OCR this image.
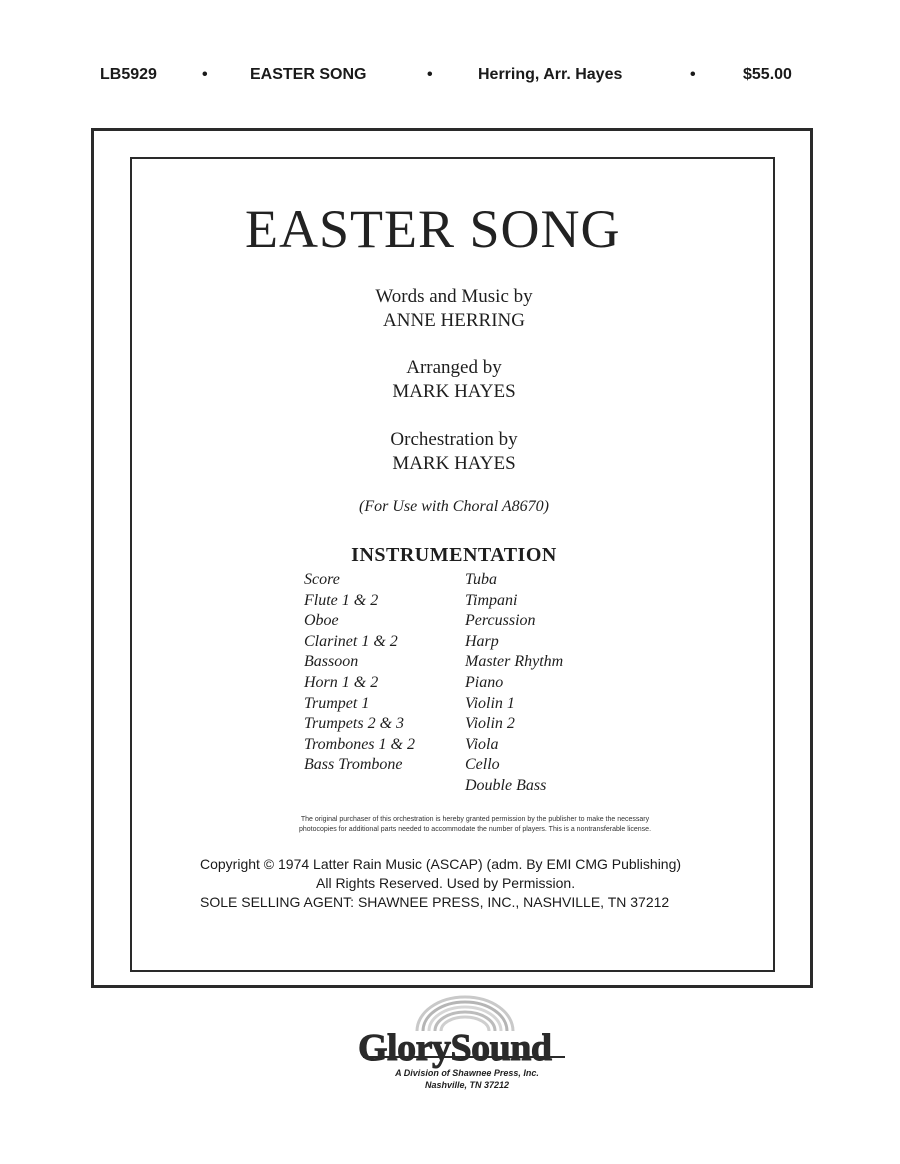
LB5929	•	EASTER SONG	•	Herring, Arr. Hayes	•	$55.00
EASTER SONG
Words and Music by
ANNE HERRING
Arranged by
MARK HAYES
Orchestration by
MARK HAYES
(For Use with Choral A8670)
INSTRUMENTATION
Score
Flute 1 & 2
Oboe
Clarinet 1 & 2
Bassoon
Horn 1 & 2
Trumpet 1
Trumpets 2 & 3
Trombones 1 & 2
Bass Trombone
Tuba
Timpani
Percussion
Harp
Master Rhythm
Piano
Violin 1
Violin 2
Viola
Cello
Double Bass
The original purchaser of this orchestration is hereby granted permission by the publisher to make the necessary
photocopies for additional parts needed to accommodate the number of players. This is a nontransferable license.
Copyright © 1974 Latter Rain Music (ASCAP) (adm. By EMI CMG Publishing)
All Rights Reserved. Used by Permission.
SOLE SELLING AGENT: SHAWNEE PRESS, INC., NASHVILLE, TN 37212
GlorySound
A Division of Shawnee Press, Inc.
Nashville, TN 37212
